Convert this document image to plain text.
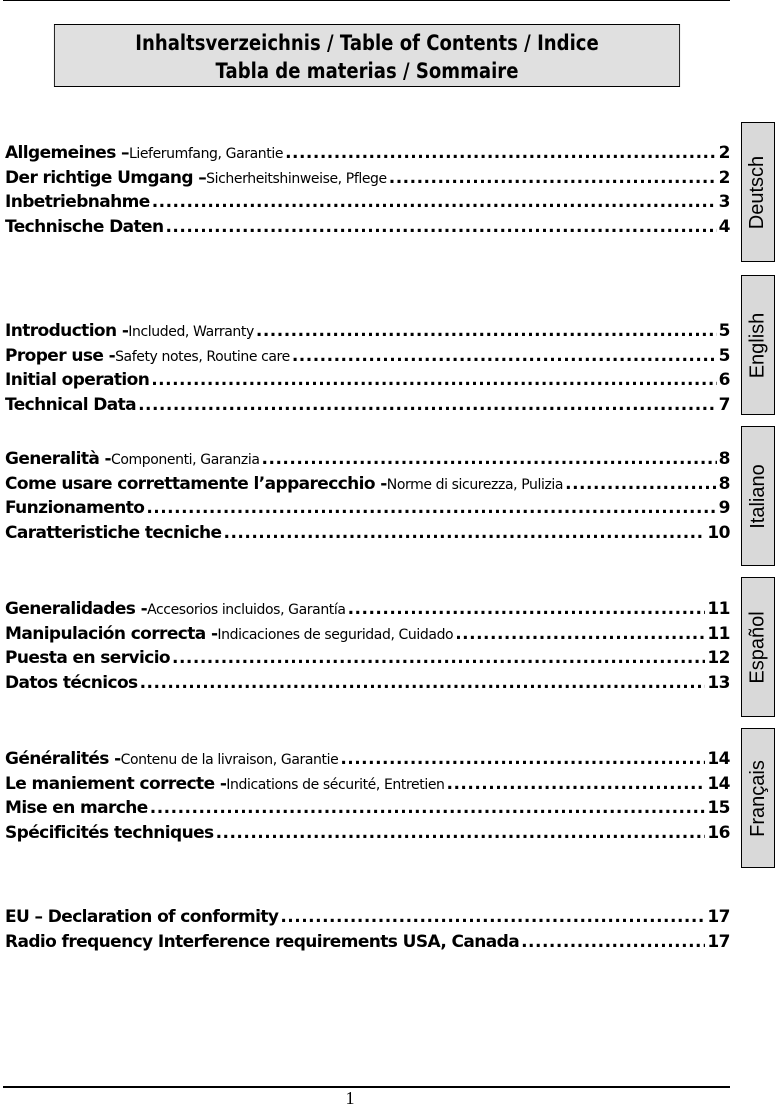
Inhaltsverzeichnis / Table of Contents / Indice
Tabla de materias / Sommaire
Allgemeines – Lieferumfang, Garantie .....	2
Der richtige Umgang – Sicherheitshinweise, Pflege .....	2
Inbetriebnahme .....	3
Technische Daten .....	4
Introduction - Included, Warranty .....	5
Proper use - Safety notes, Routine care .....	5
Initial operation .....	6
Technical Data .....	7
Generalità - Componenti, Garanzia .....	8
Come usare correttamente l’apparecchio - Norme di sicurezza, Pulizia .....	8
Funzionamento .....	9
Caratteristiche tecniche .....	10
Generalidades - Accesorios incluidos, Garantía .....	11
Manipulación correcta - Indicaciones de seguridad, Cuidado .....	11
Puesta en servicio .....	12
Datos técnicos .....	13
Généralités - Contenu de la livraison, Garantie .....	14
Le maniement correcte - Indications de sécurité, Entretien .....	14
Mise en marche .....	15
Spécificités techniques .....	16
EU – Declaration of conformity .....	17
Radio frequency Interference requirements USA, Canada .....	17
Deutsch
English
Italiano
Español
Français
1
